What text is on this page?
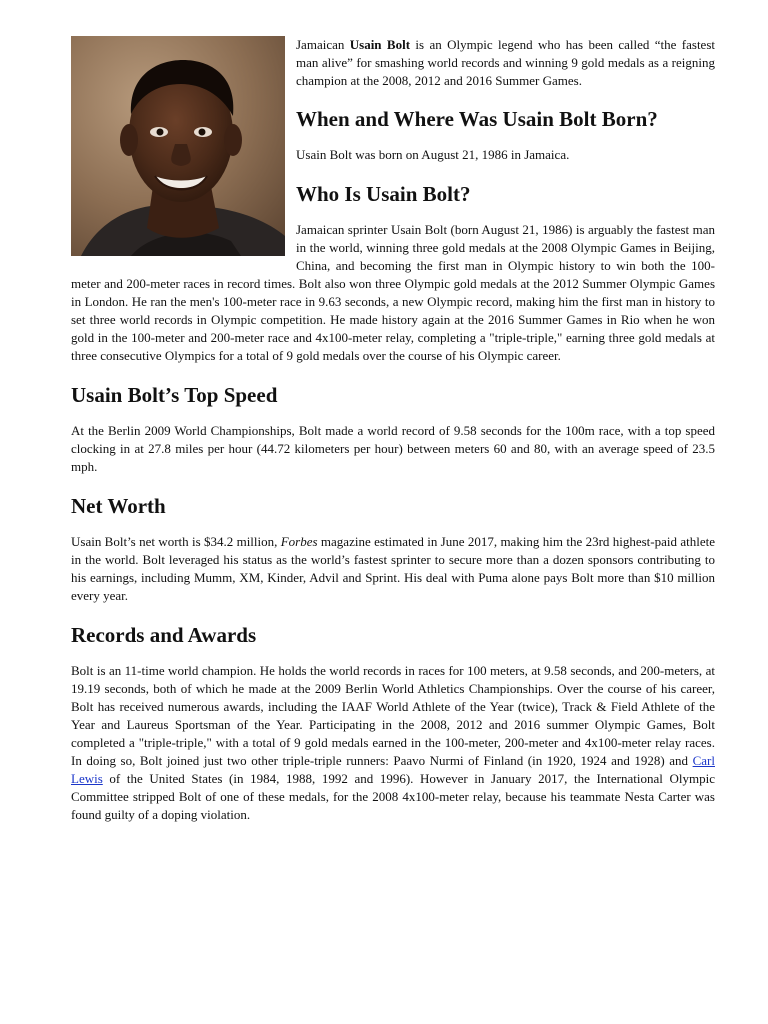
Jamaican Usain Bolt is an Olympic legend who has been called “the fastest man alive” for smashing world records and winning 9 gold medals as a reigning champion at the 2008, 2012 and 2016 Summer Games.

When and Where Was Usain Bolt Born?

Usain Bolt was born on August 21, 1986 in Jamaica.

Who Is Usain Bolt?

Jamaican sprinter Usain Bolt (born August 21, 1986) is arguably the fastest man in the world, winning three gold medals at the 2008 Olympic Games in Beijing, China, and becoming the first man in Olympic history to win both the 100-meter and 200-meter races in record times. Bolt also won three Olympic gold medals at the 2012 Summer Olympic Games in London. He ran the men's 100-meter race in 9.63 seconds, a new Olympic record, making him the first man in history to set three world records in Olympic competition. He made history again at the 2016 Summer Games in Rio when he won gold in the 100-meter and 200-meter race and 4x100-meter relay, completing a "triple-triple," earning three gold medals at three consecutive Olympics for a total of 9 gold medals over the course of his Olympic career.

Usain Bolt’s Top Speed

At the Berlin 2009 World Championships, Bolt made a world record of 9.58 seconds for the 100m race, with a top speed clocking in at 27.8 miles per hour (44.72 kilometers per hour) between meters 60 and 80, with an average speed of 23.5 mph.

Net Worth

Usain Bolt’s net worth is $34.2 million, Forbes magazine estimated in June 2017, making him the 23rd highest-paid athlete in the world. Bolt leveraged his status as the world’s fastest sprinter to secure more than a dozen sponsors contributing to his earnings, including Mumm, XM, Kinder, Advil and Sprint. His deal with Puma alone pays Bolt more than $10 million every year.

Records and Awards

Bolt is an 11-time world champion. He holds the world records in races for 100 meters, at 9.58 seconds, and 200-meters, at 19.19 seconds, both of which he made at the 2009 Berlin World Athletics Championships. Over the course of his career, Bolt has received numerous awards, including the IAAF World Athlete of the Year (twice), Track & Field Athlete of the Year and Laureus Sportsman of the Year. Participating in the 2008, 2012 and 2016 summer Olympic Games, Bolt completed a "triple-triple," with a total of 9 gold medals earned in the 100-meter, 200-meter and 4x100-meter relay races. In doing so, Bolt joined just two other triple-triple runners: Paavo Nurmi of Finland (in 1920, 1924 and 1928) and Carl Lewis of the United States (in 1984, 1988, 1992 and 1996). However in January 2017, the International Olympic Committee stripped Bolt of one of these medals, for the 2008 4x100-meter relay, because his teammate Nesta Carter was found guilty of a doping violation.
